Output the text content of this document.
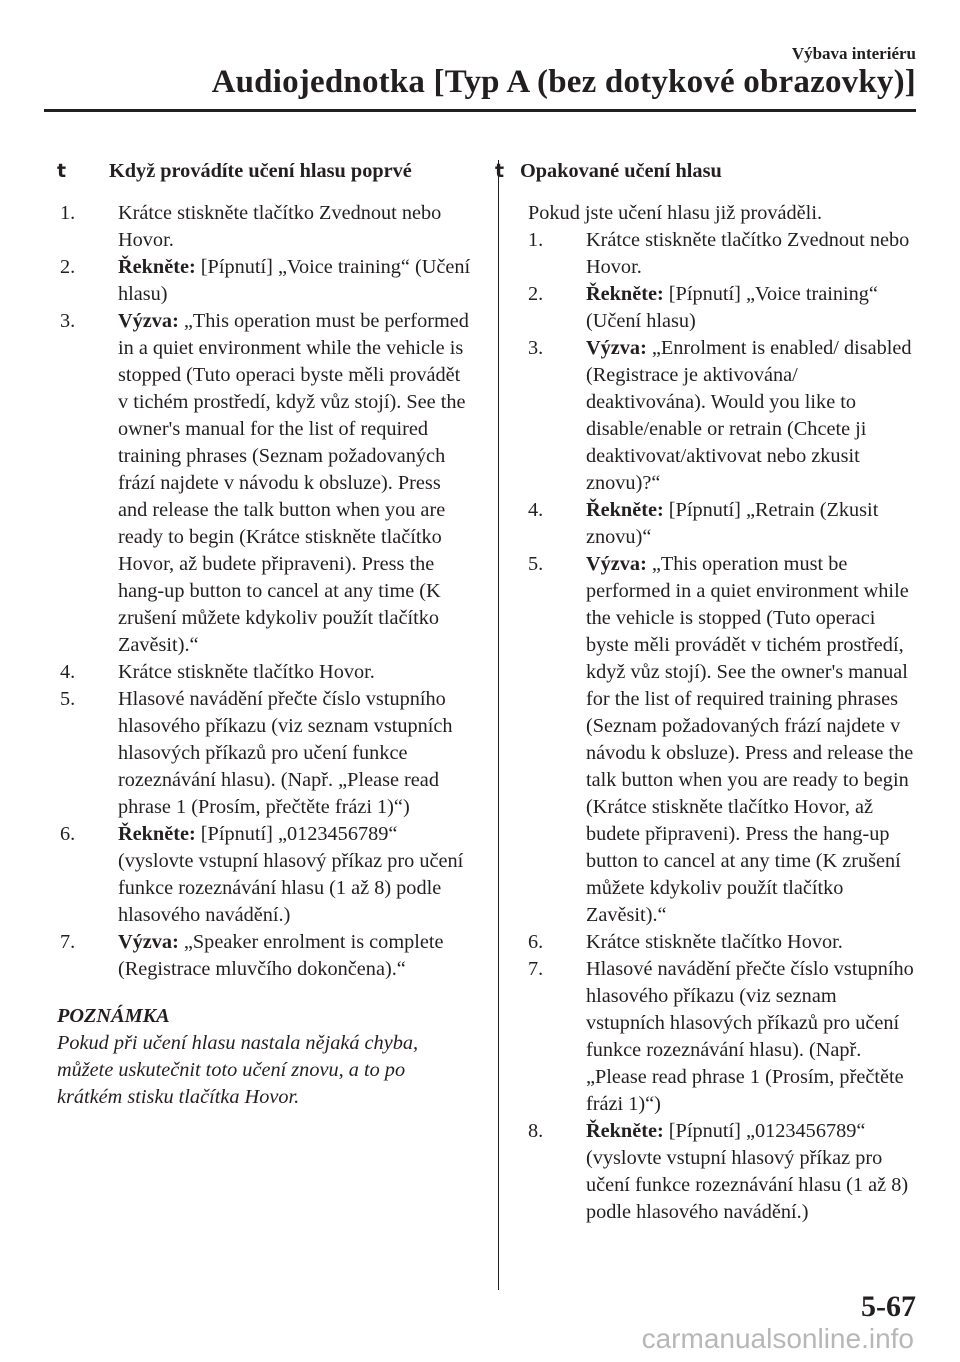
Výbava interiéru
Audiojednotka [Typ A (bez dotykové obrazovky)]
t Když provádíte učení hlasu poprvé
1. Krátce stiskněte tlačítko Zvednout nebo Hovor.
2. Řekněte: [Pípnutí] „Voice training“ (Učení hlasu)
3. Výzva: „This operation must be performed in a quiet environment while the vehicle is stopped (Tuto operaci byste měli provádět v tichém prostředí, když vůz stojí). See the owner's manual for the list of required training phrases (Seznam požadovaných frází najdete v návodu k obsluze). Press and release the talk button when you are ready to begin (Krátce stiskněte tlačítko Hovor, až budete připraveni). Press the hang-up button to cancel at any time (K zrušení můžete kdykoliv použít tlačítko Zavěsit).“
4. Krátce stiskněte tlačítko Hovor.
5. Hlasové navádění přečte číslo vstupního hlasového příkazu (viz seznam vstupních hlasových příkazů pro učení funkce rozeznávání hlasu). (Např. „Please read phrase 1 (Prosím, přečtěte frázi 1)“)
6. Řekněte: [Pípnutí] „0123456789“ (vyslovte vstupní hlasový příkaz pro učení funkce rozeznávání hlasu (1 až 8) podle hlasového navádění.)
7. Výzva: „Speaker enrolment is complete (Registrace mluvčího dokončena).“
POZNÁMKA
Pokud při učení hlasu nastala nějaká chyba, můžete uskutečnit toto učení znovu, a to po krátkém stisku tlačítka Hovor.
t Opakované učení hlasu

Pokud jste učení hlasu již prováděli.

1. Krátce stiskněte tlačítko Zvednout nebo Hovor.
2. Řekněte: [Pípnutí] „Voice training“ (Učení hlasu)
3. Výzva: „Enrolment is enabled/ disabled (Registrace je aktivována/ deaktivována). Would you like to disable/enable or retrain (Chcete ji deaktivovat/aktivovat nebo zkusit znovu)?“
4. Řekněte: [Pípnutí] „Retrain (Zkusit znovu)“
5. Výzva: „This operation must be performed in a quiet environment while the vehicle is stopped (Tuto operaci byste měli provádět v tichém prostředí, když vůz stojí). See the owner's manual for the list of required training phrases (Seznam požadovaných frází najdete v návodu k obsluze). Press and release the talk button when you are ready to begin (Krátce stiskněte tlačítko Hovor, až budete připraveni). Press the hang-up button to cancel at any time (K zrušení můžete kdykoliv použít tlačítko Zavěsit).“
6. Krátce stiskněte tlačítko Hovor.
7. Hlasové navádění přečte číslo vstupního hlasového příkazu (viz seznam vstupních hlasových příkazů pro učení funkce rozeznávání hlasu). (Např. „Please read phrase 1 (Prosím, přečtěte frázi 1)“)
8. Řekněte: [Pípnutí] „0123456789“ (vyslovte vstupní hlasový příkaz pro učení funkce rozeznávání hlasu (1 až 8) podle hlasového navádění.)
5-67
carmanualsonline.info
